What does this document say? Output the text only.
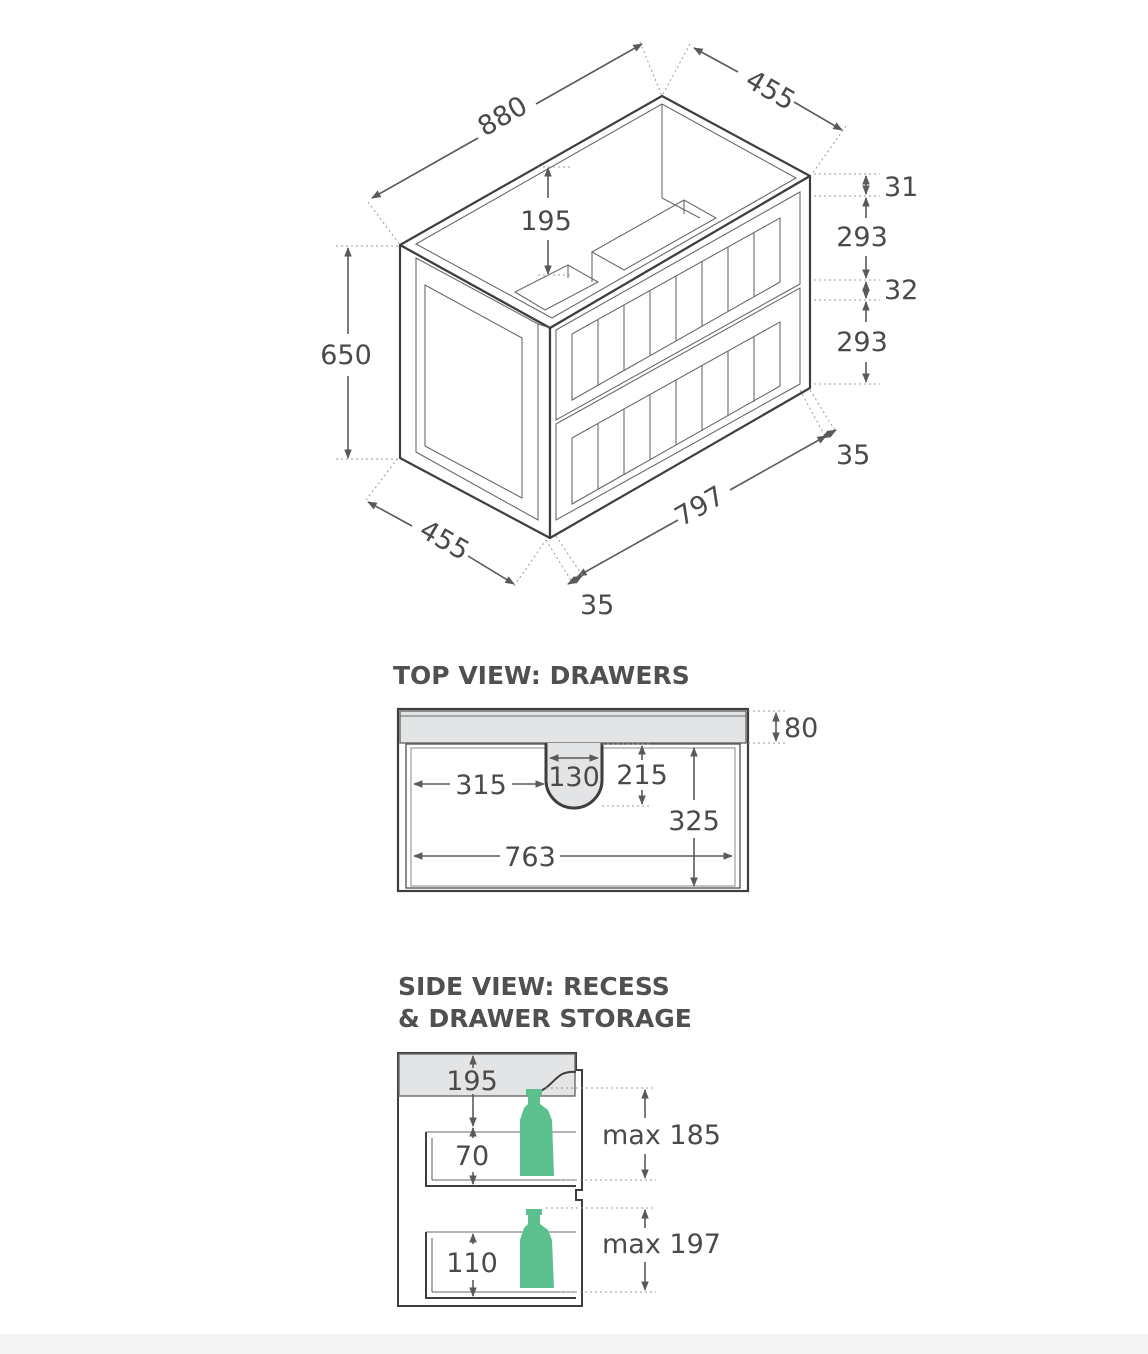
880	455
650
195
31
293
32
293
35
797
455
35
TOP VIEW: DRAWERS
80
315 130 215
325
763
SIDE VIEW: RECESS
& DRAWER STORAGE
195
70
110
max 185
max 197
